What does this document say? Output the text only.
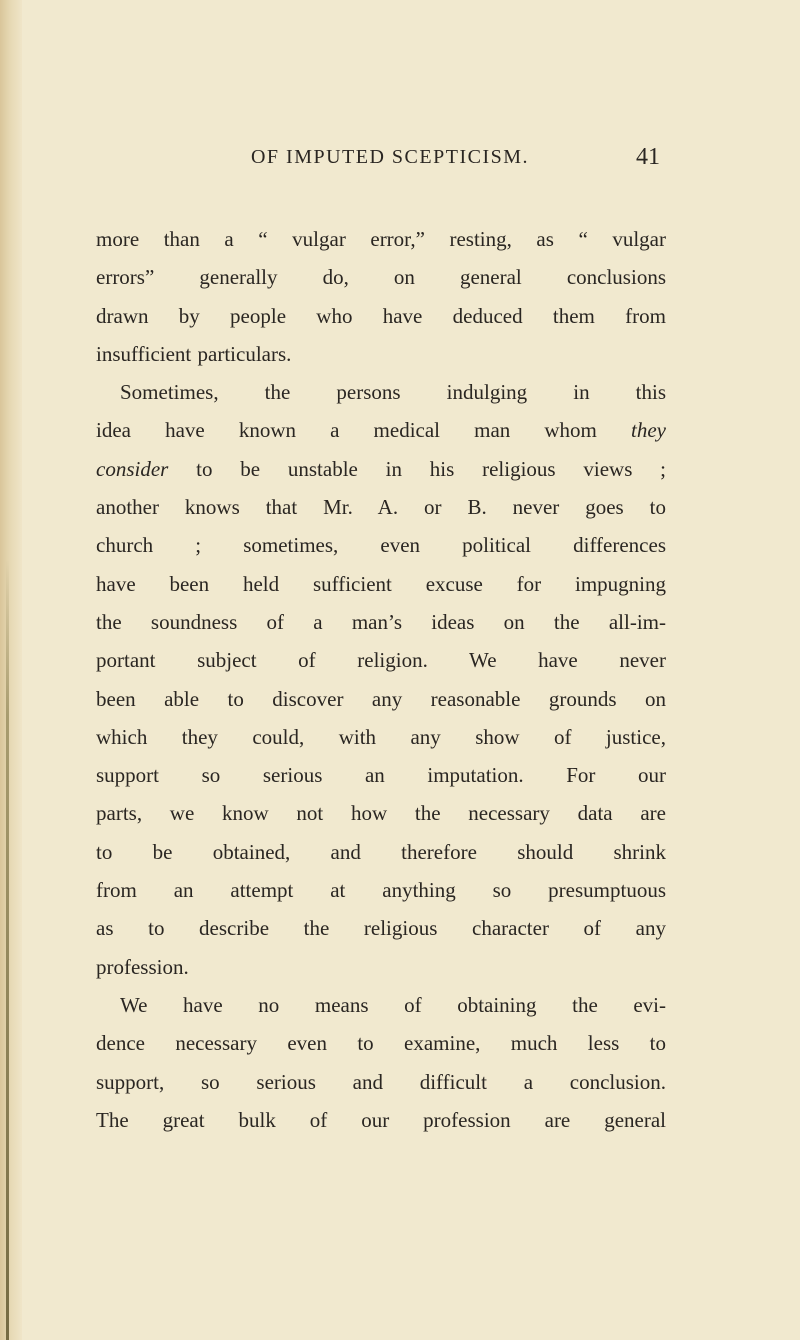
OF IMPUTED SCEPTICISM.	41
more than a “ vulgar error,” resting, as “ vulgar
errors” generally do, on general conclusions
drawn by people who have deduced them from
insufficient particulars.
Sometimes, the persons indulging in this
idea have known a medical man whom they
consider to be unstable in his religious views ;
another knows that Mr. A. or B. never goes to
church ; sometimes, even political differences
have been held sufficient excuse for impugning
the soundness of a man’s ideas on the all-im-
portant subject of religion. We have never
been able to discover any reasonable grounds on
which they could, with any show of justice,
support so serious an imputation. For our
parts, we know not how the necessary data are
to be obtained, and therefore should shrink
from an attempt at anything so presumptuous
as to describe the religious character of any
profession.
We have no means of obtaining the evi-
dence necessary even to examine, much less to
support, so serious and difficult a conclusion.
The great bulk of our profession are general
